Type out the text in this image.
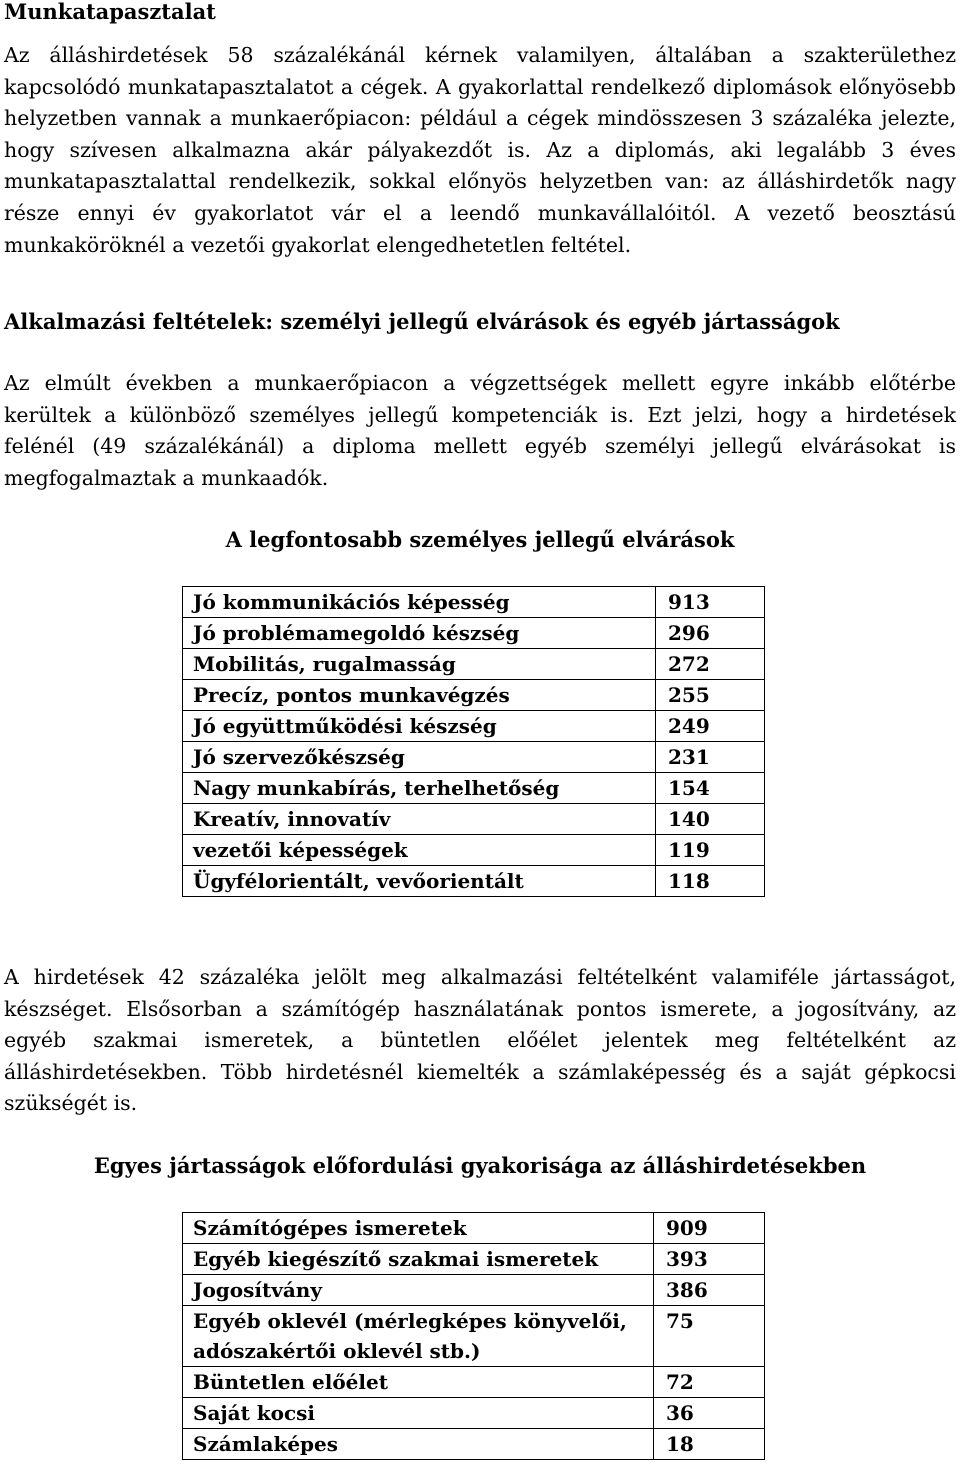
Munkatapasztalat

Az álláshirdetések 58 százalékánál kérnek valamilyen, általában a szakterülethez kapcsolódó munkatapasztalatot a cégek. A gyakorlattal rendelkező diplomások előnyösebb helyzetben vannak a munkaerőpiacon: például a cégek mindösszesen 3 százaléka jelezte, hogy szívesen alkalmazna akár pályakezdőt is. Az a diplomás, aki legalább 3 éves munkatapasztalattal rendelkezik, sokkal előnyös helyzetben van: az álláshirdetők nagy része ennyi év gyakorlatot vár el a leendő munkavállalóitól. A vezető beosztású munkaköröknél a vezetői gyakorlat elengedhetetlen feltétel.

Alkalmazási feltételek: személyi jellegű elvárások és egyéb jártasságok

Az elmúlt években a munkaerőpiacon a végzettségek mellett egyre inkább előtérbe kerültek a különböző személyes jellegű kompetenciák is. Ezt jelzi, hogy a hirdetések felénél (49 százalékánál) a diploma mellett egyéb személyi jellegű elvárásokat is megfogalmaztak a munkaadók.

A legfontosabb személyes jellegű elvárások
Jó kommunikációs képesség	913
Jó problémamegoldó készség	296
Mobilitás, rugalmasság	272
Precíz, pontos munkavégzés	255
Jó együttműködési készség	249
Jó szervezőkészség	231
Nagy munkabírás, terhelhetőség	154
Kreatív, innovatív	140
vezetői képességek	119
Ügyfélorientált, vevőorientált	118

A hirdetések 42 százaléka jelölt meg alkalmazási feltételként valamiféle jártasságot, készséget. Elsősorban a számítógép használatának pontos ismerete, a jogosítvány, az egyéb szakmai ismeretek, a büntetlen előélet jelentek meg feltételként az álláshirdetésekben. Több hirdetésnél kiemelték a számlaképesség és a saját gépkocsi szükségét is.

Egyes jártasságok előfordulási gyakorisága az álláshirdetésekben
Számítógépes ismeretek	909
Egyéb kiegészítő szakmai ismeretek	393
Jogosítvány	386
Egyéb oklevél (mérlegképes könyvelői, adószakértői oklevél stb.)	75
Büntetlen előélet	72
Saját kocsi	36
Számlaképes	18
